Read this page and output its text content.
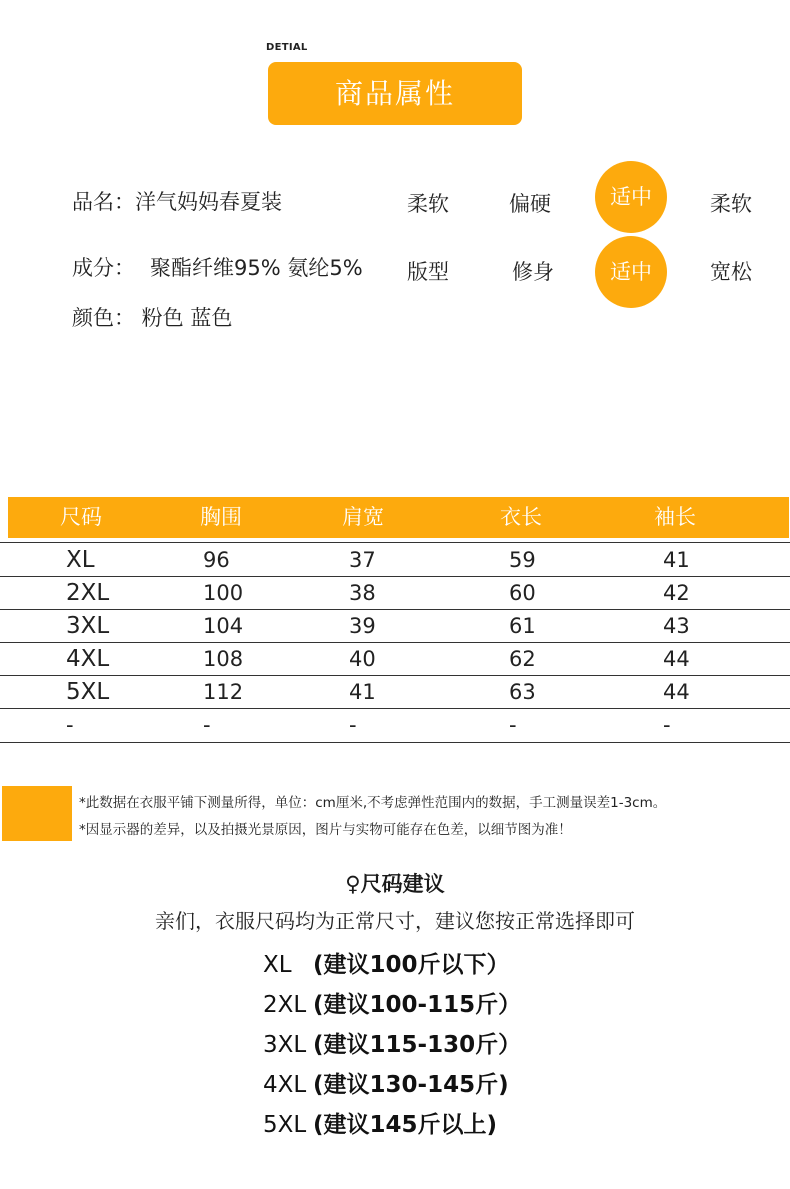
DETIAL
商品属性
品名：洋气妈妈春夏装
成分： 聚酯纤维95% 氨纶5%
颜色： 粉色 蓝色
柔软	偏硬	适中	柔软
版型	修身	适中	宽松
尺码	胸围	肩宽	衣长	袖长
XL	96	37	59	41
2XL	100	38	60	42
3XL	104	39	61	43
4XL	108	40	62	44
5XL	112	41	63	44
-	-	-	-	-
*此数据在衣服平铺下测量所得，单位：cm厘米,不考虑弹性范围内的数据，手工测量误差1-3cm。
*因显示器的差异，以及拍摄光景原因，图片与实物可能存在色差，以细节图为准！
♀尺码建议
亲们，衣服尺码均为正常尺寸，建议您按正常选择即可
XL(建议100斤以下）
2XL (建议100-115斤）
3XL (建议115-130斤）
4XL (建议130-145斤)
5XL (建议145斤以上)
